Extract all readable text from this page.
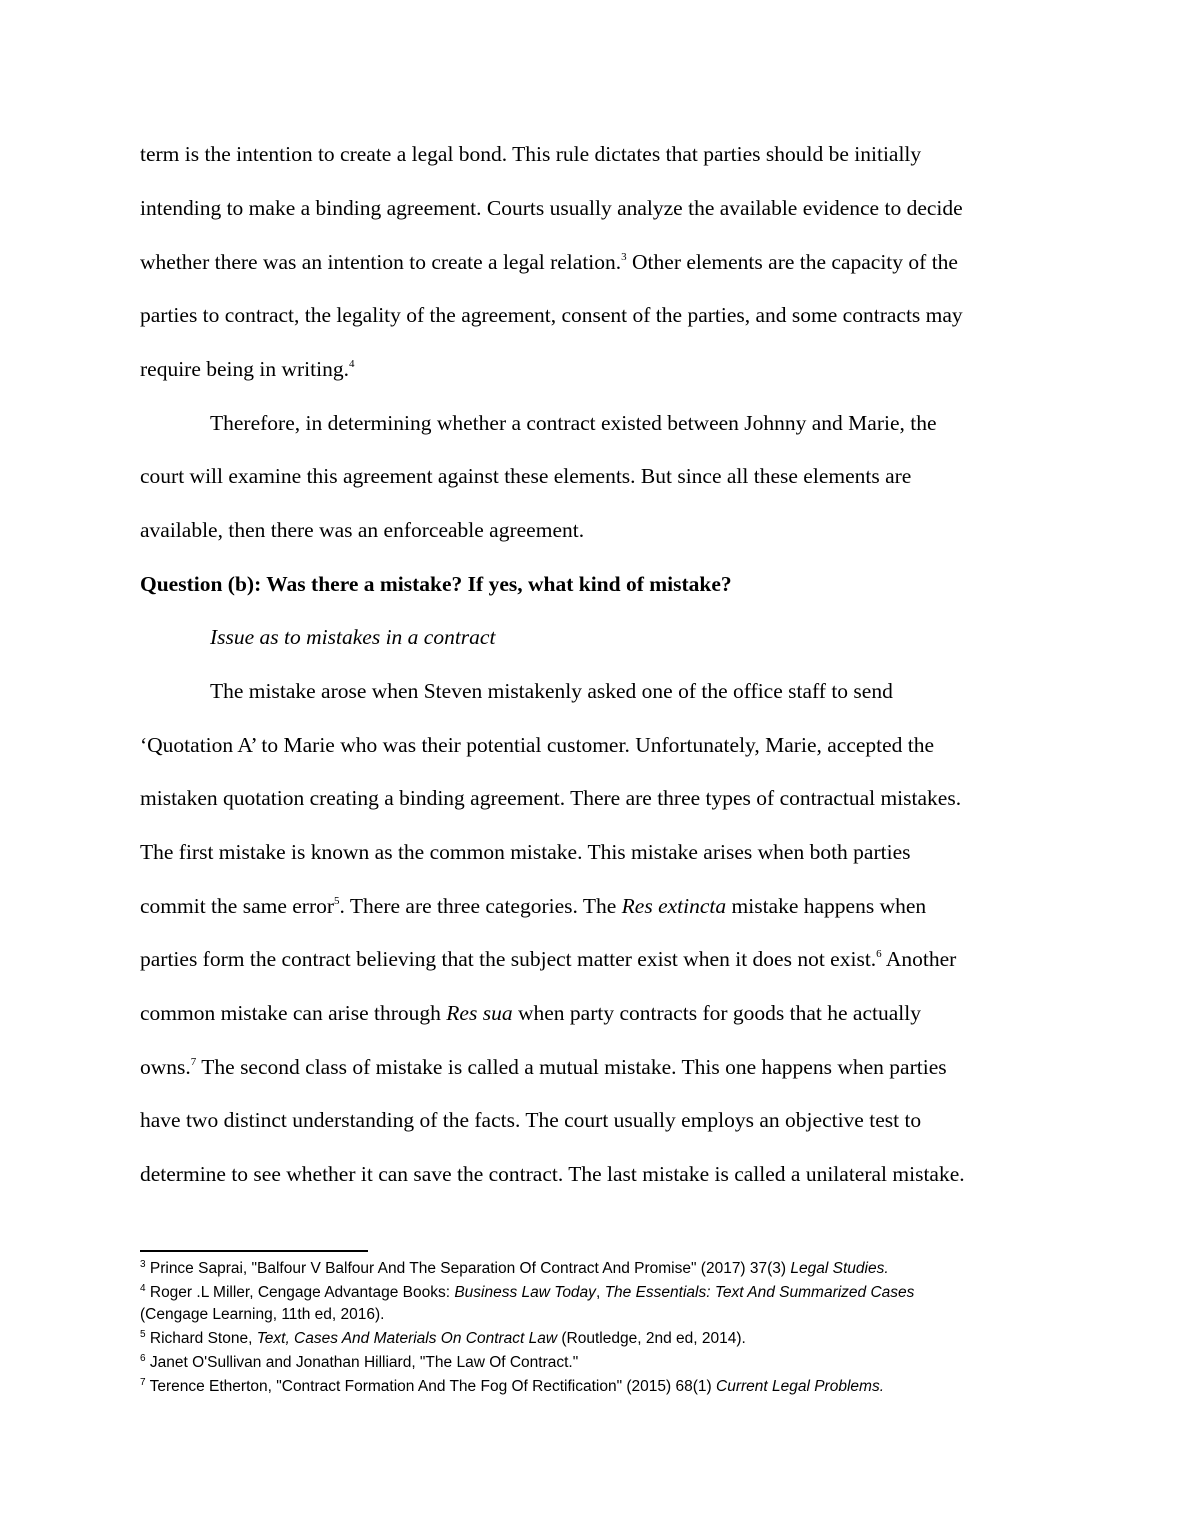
term is the intention to create a legal bond. This rule dictates that parties should be initially
intending to make a binding agreement. Courts usually analyze the available evidence to decide
whether there was an intention to create a legal relation.$^3$ Other elements are the capacity of the
parties to contract, the legality of the agreement, consent of the parties, and some contracts may
require being in writing.$^4$
Therefore, in determining whether a contract existed between Johnny and Marie, the
court will examine this agreement against these elements. But since all these elements are
available, then there was an enforceable agreement.
Question (b): Was there a mistake? If yes, what kind of mistake?
Issue as to mistakes in a contract
The mistake arose when Steven mistakenly asked one of the office staff to send
‘Quotation A’ to Marie who was their potential customer. Unfortunately, Marie, accepted the
mistaken quotation creating a binding agreement. There are three types of contractual mistakes.
The first mistake is known as the common mistake. This mistake arises when both parties
commit the same error$^5$. There are three categories. The Res extincta mistake happens when
parties form the contract believing that the subject matter exist when it does not exist.$^6$ Another
common mistake can arise through Res sua when party contracts for goods that he actually
owns.$^7$ The second class of mistake is called a mutual mistake. This one happens when parties
have two distinct understanding of the facts. The court usually employs an objective test to
determine to see whether it can save the contract. The last mistake is called a unilateral mistake.
$^3$ Prince Saprai, "Balfour V Balfour And The Separation Of Contract And Promise" (2017) 37(3) Legal Studies.
$^4$ Roger .L Miller, Cengage Advantage Books: Business Law Today, The Essentials: Text And Summarized Cases
(Cengage Learning, 11th ed, 2016).
$^5$ Richard Stone, Text, Cases And Materials On Contract Law (Routledge, 2nd ed, 2014).
$^6$ Janet O'Sullivan and Jonathan Hilliard, "The Law Of Contract."
$^7$ Terence Etherton, "Contract Formation And The Fog Of Rectification" (2015) 68(1) Current Legal Problems.
